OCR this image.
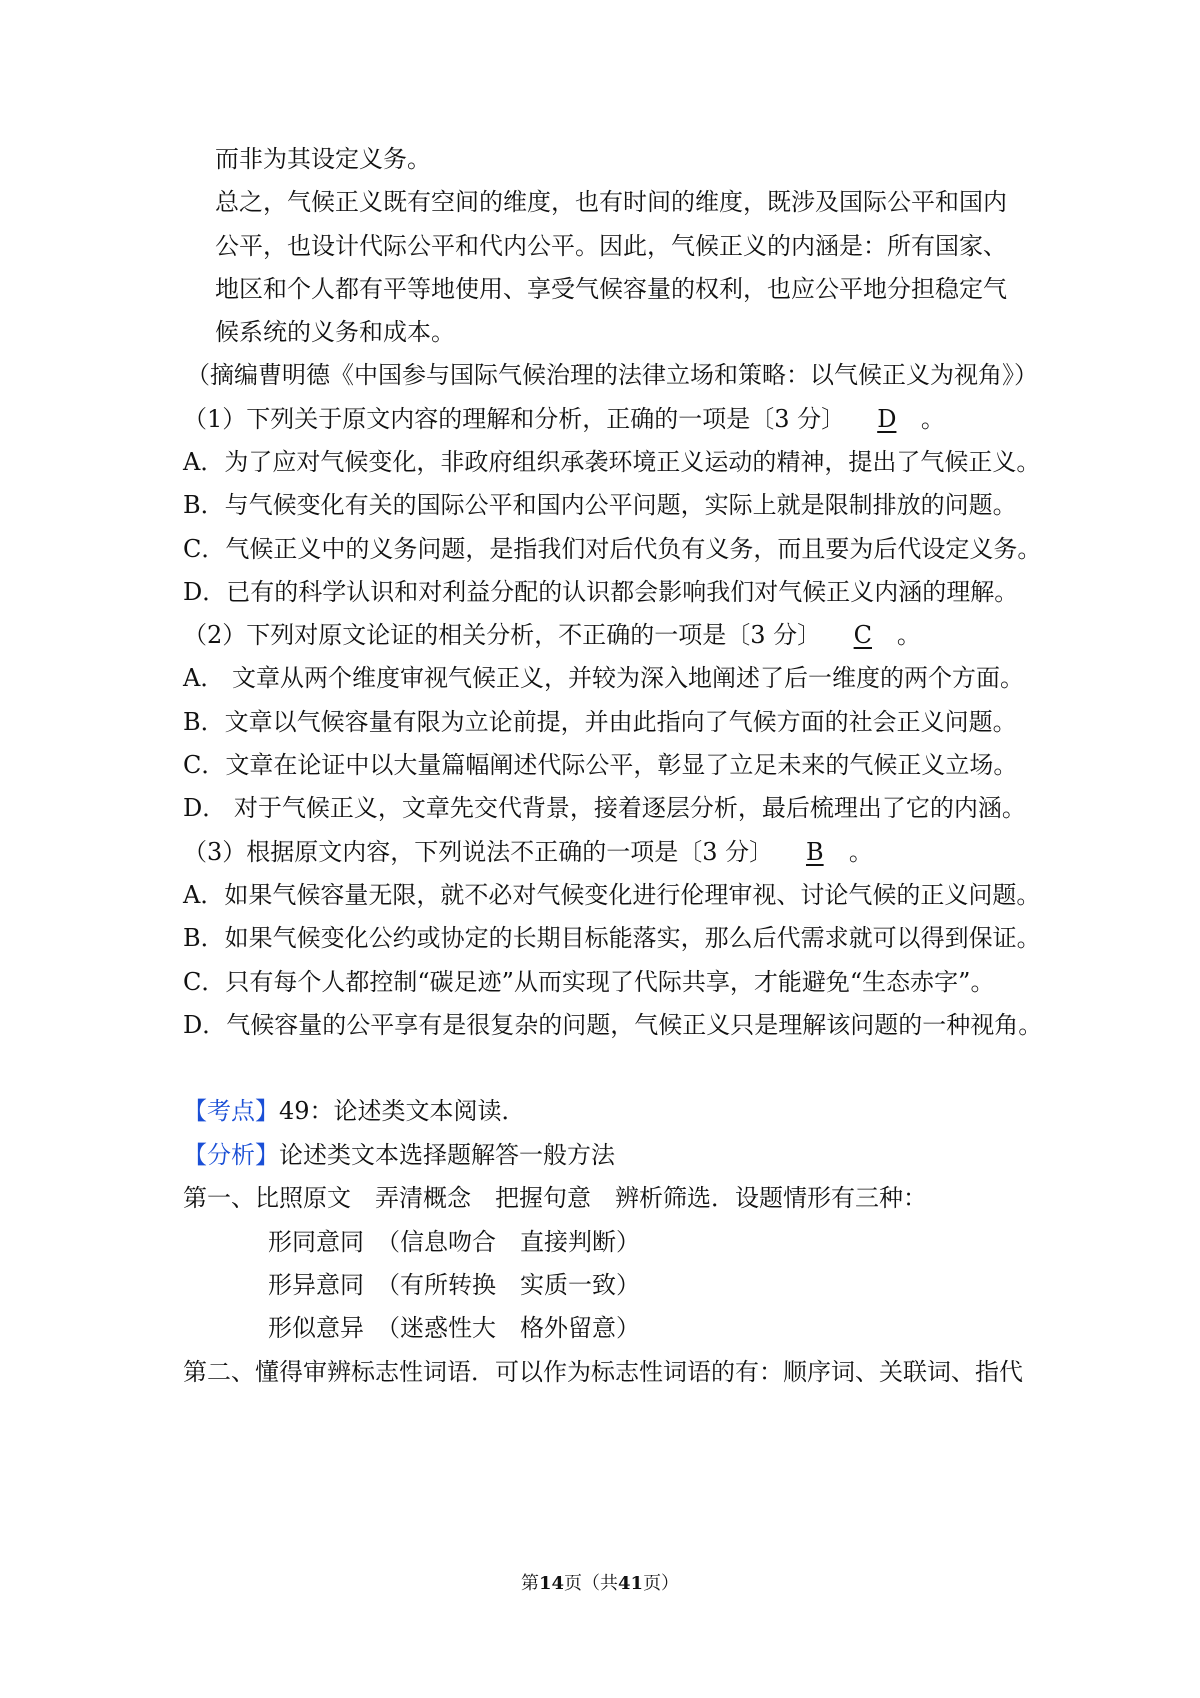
而非为其设定义务。
总之，气候正义既有空间的维度，也有时间的维度，既涉及国际公平和国内
公平，也设计代际公平和代内公平。因此，气候正义的内涵是：所有国家、
地区和个人都有平等地使用、享受气候容量的权利，也应公平地分担稳定气
候系统的义务和成本。
（摘编曹明德《中国参与国际气候治理的法律立场和策略：以气候正义为视角》）
（1）下列关于原文内容的理解和分析，正确的一项是〔3 分〕 D 。
A．为了应对气候变化，非政府组织承袭环境正义运动的精神，提出了气候正义。
B．与气候变化有关的国际公平和国内公平问题，实际上就是限制排放的问题。
C．气候正义中的义务问题，是指我们对后代负有义务，而且要为后代设定义务。
D．已有的科学认识和对利益分配的认识都会影响我们对气候正义内涵的理解。
（2）下列对原文论证的相关分析，不正确的一项是〔3 分〕 C 。
A． 文章从两个维度审视气候正义，并较为深入地阐述了后一维度的两个方面。
B．文章以气候容量有限为立论前提，并由此指向了气候方面的社会正义问题。
C．文章在论证中以大量篇幅阐述代际公平，彰显了立足未来的气候正义立场。
D． 对于气候正义，文章先交代背景，接着逐层分析，最后梳理出了它的内涵。
（3）根据原文内容，下列说法不正确的一项是〔3 分〕 B 。
A．如果气候容量无限，就不必对气候变化进行伦理审视、讨论气候的正义问题。
B．如果气候变化公约或协定的长期目标能落实，那么后代需求就可以得到保证。
C．只有每个人都控制“碳足迹”从而实现了代际共享，才能避免“生态赤字”。
D．气候容量的公平享有是很复杂的问题，气候正义只是理解该问题的一种视角。
【考点】49：论述类文本阅读．
【分析】论述类文本选择题解答一般方法
第一、比照原文　弄清概念　把握句意　辨析筛选．设题情形有三种：
形同意同　（信息吻合　直接判断）
形异意同　（有所转换　实质一致）
形似意异　（迷惑性大　格外留意）
第二、懂得审辨标志性词语．可以作为标志性词语的有：顺序词、关联词、指代
第14页（共41页）
